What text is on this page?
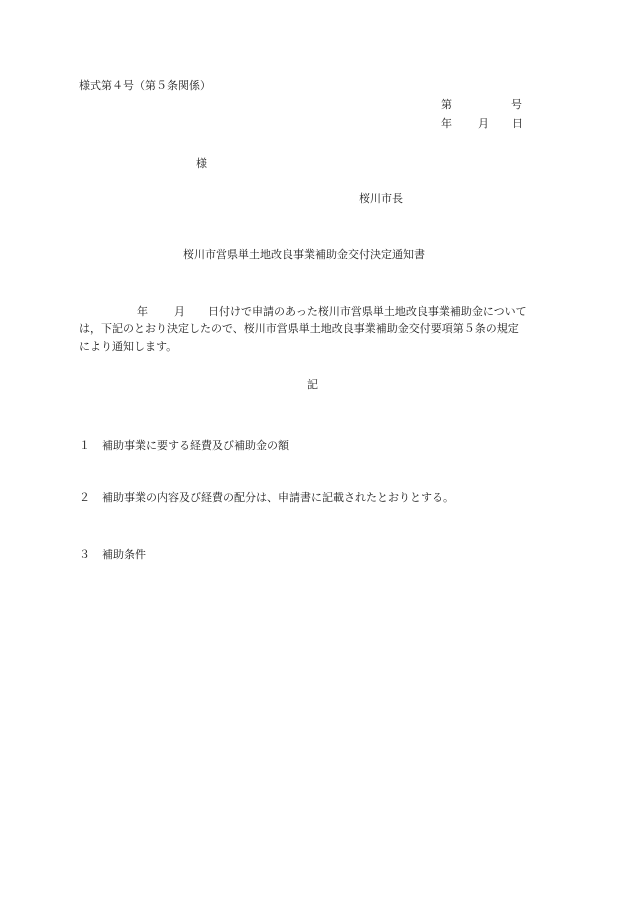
様式第４号（第５条関係）
第	号
年 月 日
様
桜川市長
桜川市営県単土地改良事業補助金交付決定通知書
年 月 日付けで申請のあった桜川市営県単土地改良事業補助金について
は，下記のとおり決定したので、桜川市営県単土地改良事業補助金交付要項第５条の規定
により通知します。
記
１ 補助事業に要する経費及び補助金の額
２ 補助事業の内容及び経費の配分は、申請書に記載されたとおりとする。
３ 補助条件
